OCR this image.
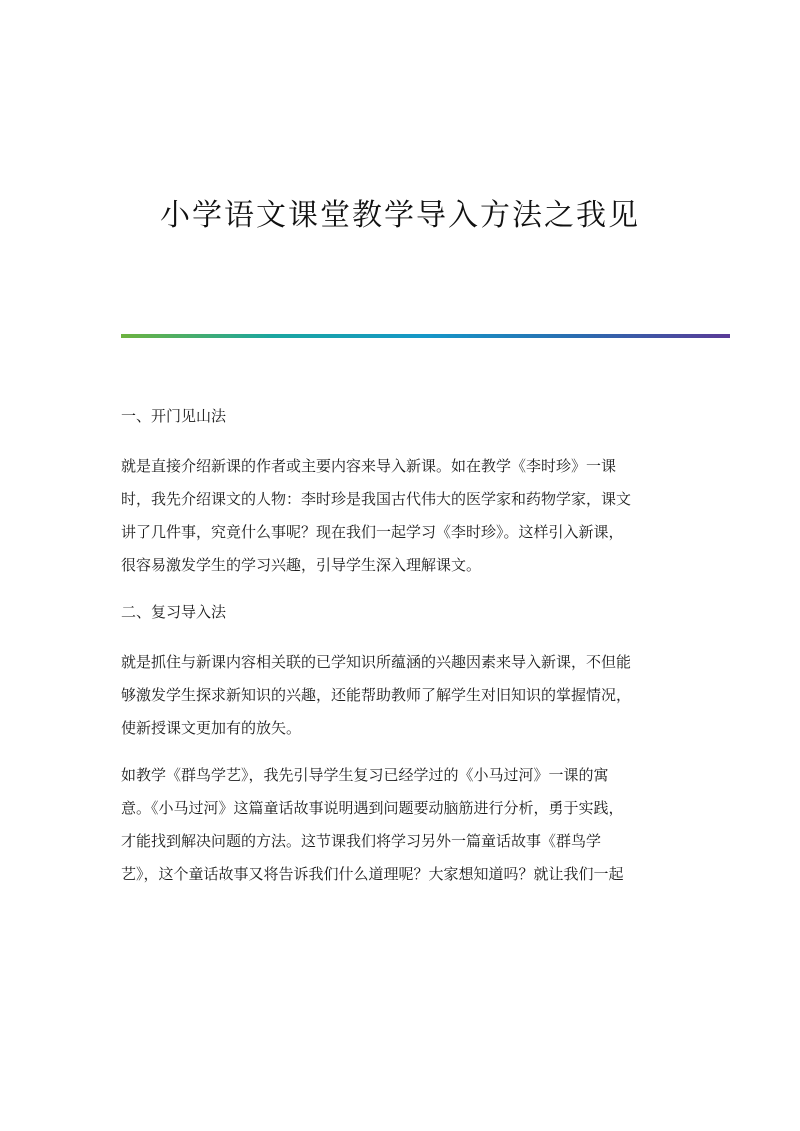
小学语文课堂教学导入方法之我见
一、开门见山法

就是直接介绍新课的作者或主要内容来导入新课。如在教学《李时珍》一课
时，我先介绍课文的人物：李时珍是我国古代伟大的医学家和药物学家，课文
讲了几件事，究竟什么事呢？现在我们一起学习《李时珍》。这样引入新课，
很容易激发学生的学习兴趣，引导学生深入理解课文。

二、复习导入法

就是抓住与新课内容相关联的已学知识所蕴涵的兴趣因素来导入新课，不但能
够激发学生探求新知识的兴趣，还能帮助教师了解学生对旧知识的掌握情况，
使新授课文更加有的放矢。

如教学《群鸟学艺》，我先引导学生复习已经学过的《小马过河》一课的寓
意。《小马过河》这篇童话故事说明遇到问题要动脑筋进行分析，勇于实践，
才能找到解决问题的方法。这节课我们将学习另外一篇童话故事《群鸟学
艺》，这个童话故事又将告诉我们什么道理呢？大家想知道吗？就让我们一起
